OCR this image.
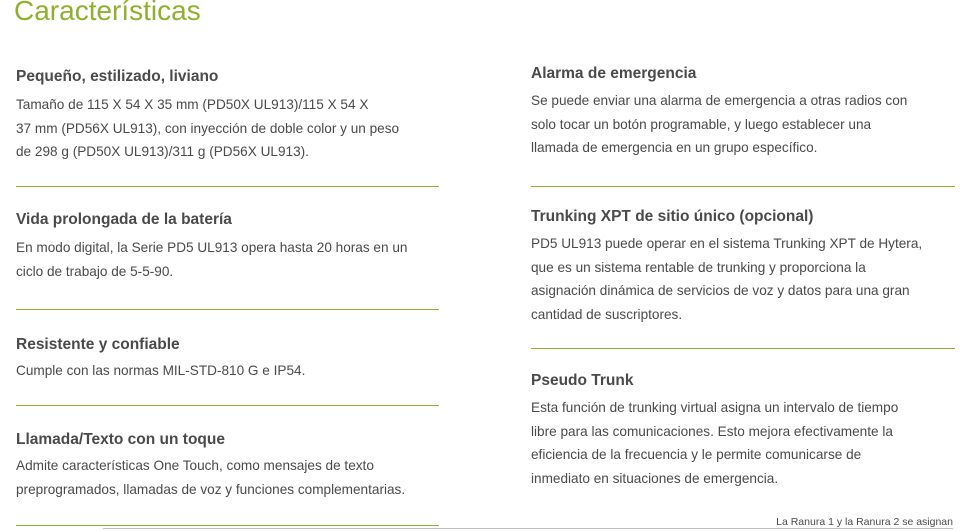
Características
Pequeño, estilizado, liviano

Tamaño de 115 X 54 X 35 mm (PD50X UL913)/115 X 54 X
37 mm (PD56X UL913), con inyección de doble color y un peso
de 298 g (PD50X UL913)/311 g (PD56X UL913).

Vida prolongada de la batería

En modo digital, la Serie PD5 UL913 opera hasta 20 horas en un
ciclo de trabajo de 5-5-90.

Resistente y confiable

Cumple con las normas MIL-STD-810 G e IP54.

Llamada/Texto con un toque

Admite características One Touch, como mensajes de texto
preprogramados, llamadas de voz y funciones complementarias.

Alarma de emergencia

Se puede enviar una alarma de emergencia a otras radios con
solo tocar un botón programable, y luego establecer una
llamada de emergencia en un grupo específico.

Trunking XPT de sitio único (opcional)

PD5 UL913 puede operar en el sistema Trunking XPT de Hytera,
que es un sistema rentable de trunking y proporciona la
asignación dinámica de servicios de voz y datos para una gran
cantidad de suscriptores.

Pseudo Trunk

Esta función de trunking virtual asigna un intervalo de tiempo
libre para las comunicaciones. Esto mejora efectivamente la
eficiencia de la frecuencia y le permite comunicarse de
inmediato en situaciones de emergencia.

La Ranura 1 y la Ranura 2 se asignan
